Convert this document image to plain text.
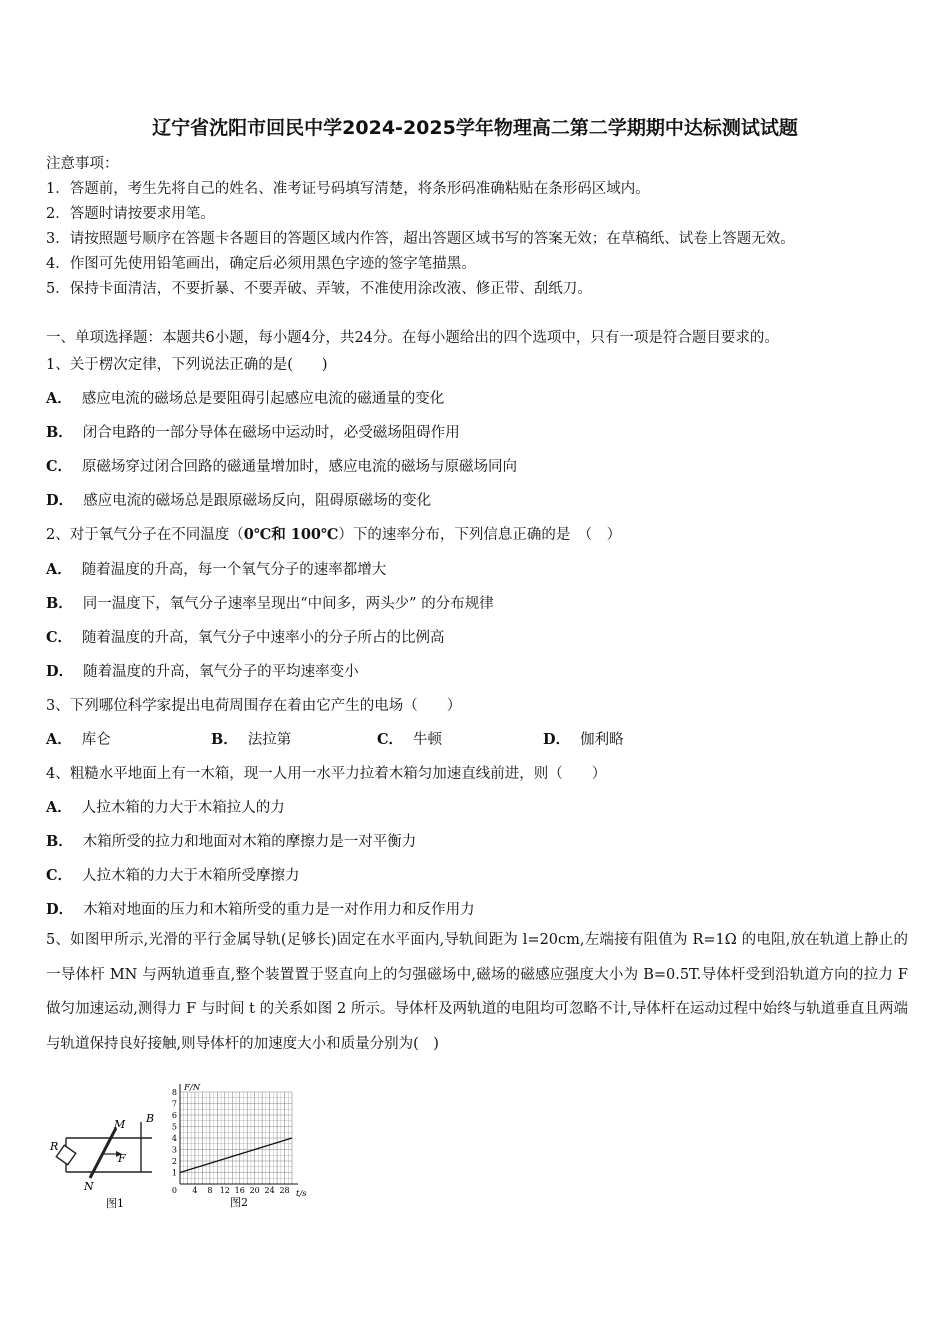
辽宁省沈阳市回民中学2024-2025学年物理高二第二学期期中达标测试试题
注意事项：
1．答题前，考生先将自己的姓名、准考证号码填写清楚，将条形码准确粘贴在条形码区域内。
2．答题时请按要求用笔。
3．请按照题号顺序在答题卡各题目的答题区域内作答，超出答题区域书写的答案无效；在草稿纸、试卷上答题无效。
4．作图可先使用铅笔画出，确定后必须用黑色字迹的签字笔描黑。
5．保持卡面清洁，不要折暴、不要弄破、弄皱，不准使用涂改液、修正带、刮纸刀。
一、单项选择题：本题共6小题，每小题4分，共24分。在每小题给出的四个选项中，只有一项是符合题目要求的。
1、关于楞次定律，下列说法正确的是(　　)
A． 感应电流的磁场总是要阻碍引起感应电流的磁通量的变化
B． 闭合电路的一部分导体在磁场中运动时，必受磁场阻碍作用
C． 原磁场穿过闭合回路的磁通量增加时，感应电流的磁场与原磁场同向
D． 感应电流的磁场总是跟原磁场反向，阻碍原磁场的变化
2、对于氧气分子在不同温度（0℃和 100℃）下的速率分布，下列信息正确的是　（　）
A． 随着温度的升高，每一个氧气分子的速率都增大
B． 同一温度下，氧气分子速率呈现出“中间多，两头少” 的分布规律
C． 随着温度的升高，氧气分子中速率小的分子所占的比例高
D． 随着温度的升高，氧气分子的平均速率变小
3、下列哪位科学家提出电荷周围存在着由它产生的电场（　　）
A． 库仑	B． 法拉第	C． 牛顿	D． 伽利略
4、粗糙水平地面上有一木箱，现一人用一水平力拉着木箱匀加速直线前进，则（　　）
A． 人拉木箱的力大于木箱拉人的力
B． 木箱所受的拉力和地面对木箱的摩擦力是一对平衡力
C． 人拉木箱的力大于木箱所受摩擦力
D． 木箱对地面的压力和木箱所受的重力是一对作用力和反作用力
5、如图甲所示,光滑的平行金属导轨(足够长)固定在水平面内,导轨间距为 l=20cm,左端接有阻值为 R=1Ω 的电阻,放在轨道上静止的一导体杆 MN 与两轨道垂直,整个装置置于竖直向上的匀强磁场中,磁场的磁感应强度大小为 B=0.5T.导体杆受到沿轨道方向的拉力 F 做匀加速运动,测得力 F 与时间 t 的关系如图 2 所示。导体杆及两轨道的电阻均可忽略不计,导体杆在运动过程中始终与轨道垂直且两端与轨道保持良好接触,则导体杆的加速度大小和质量分别为(　)
R
M
N
B
F
图1
1
2
3
4
5
6
7
8
0 4 8 12 16 20 24 28
F/N
t/s
图2
